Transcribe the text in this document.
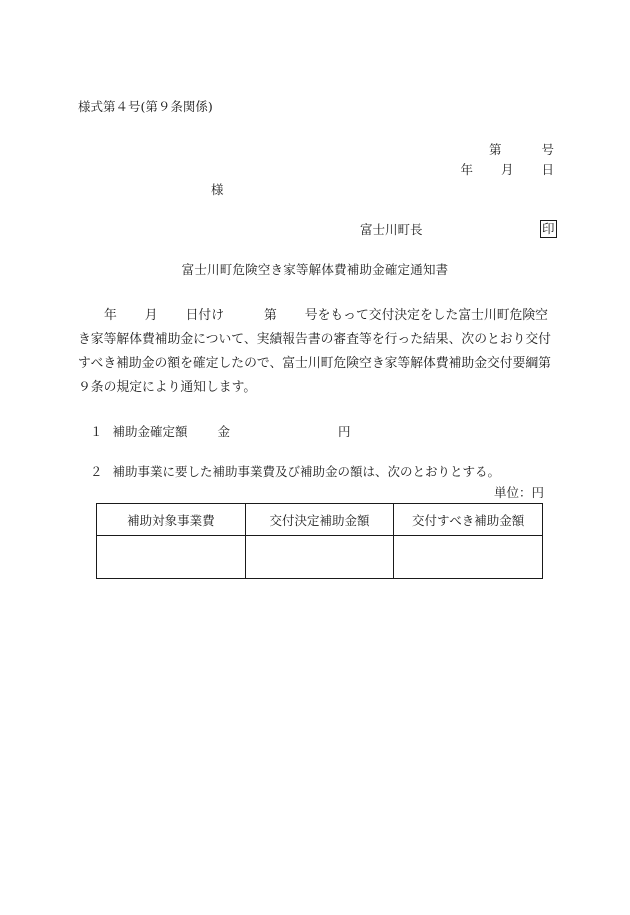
様式第４号(第９条関係)
第	号
年 月 日
様
富士川町長	印
富士川町危険空き家等解体費補助金確定通知書
年 月 日付け	第 号をもって交付決定をした富士川町危険空き家等解体費補助金について、実績報告書の審査等を行った結果、次のとおり交付すべき補助金の額を確定したので、富士川町危険空き家等解体費補助金交付要綱第９条の規定により通知します。
１ 補助金確定額 金	円
２ 補助事業に要した補助事業費及び補助金の額は、次のとおりとする。
単位：円
補助対象事業費	交付決定補助金額	交付すべき補助金額
